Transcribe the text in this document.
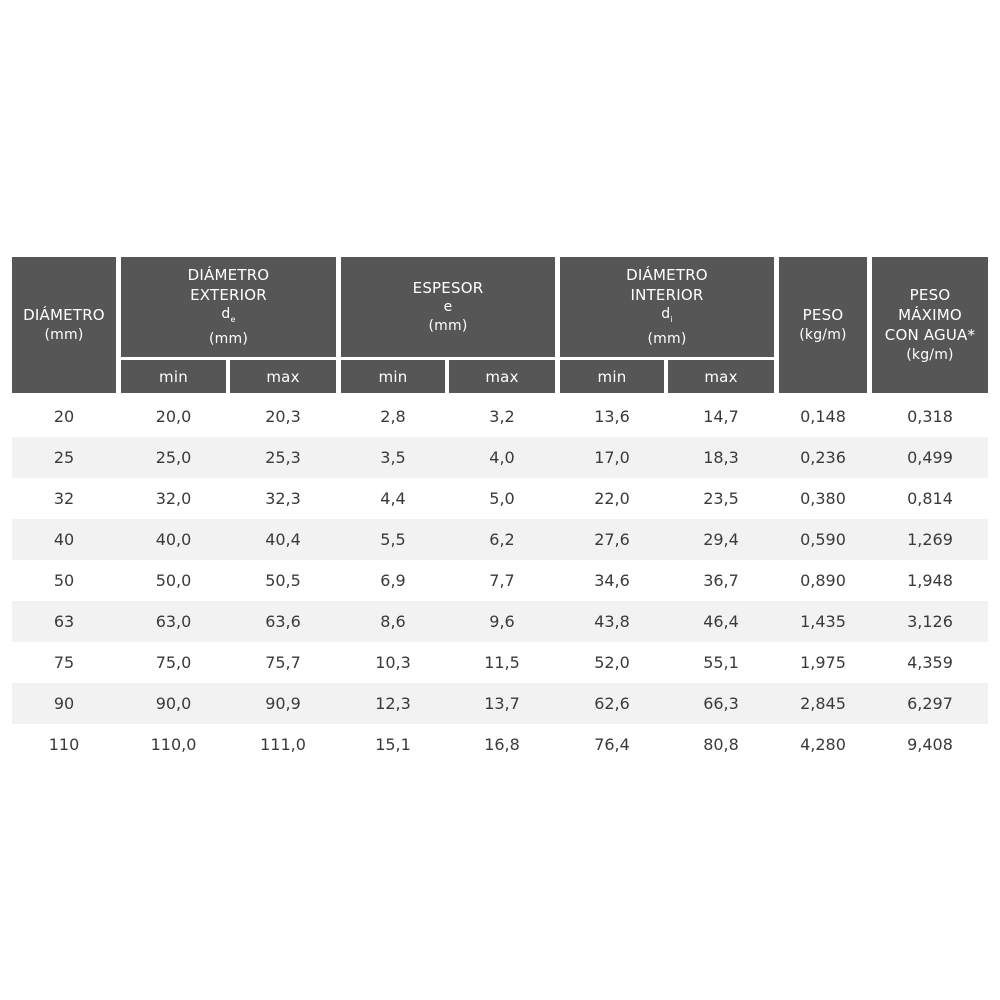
DIÁMETRO
(mm)
DIÁMETRO
EXTERIOR
$d_e$
(mm)
min	max
ESPESOR
e
(mm)
min	max
DIÁMETRO
INTERIOR
$d_i$
(mm)
min	max
PESO
(kg/m)
PESO
MÁXIMO
CON AGUA*
(kg/m)
20	20,0	20,3	2,8	3,2	13,6	14,7	0,148	0,318
25	25,0	25,3	3,5	4,0	17,0	18,3	0,236	0,499
32	32,0	32,3	4,4	5,0	22,0	23,5	0,380	0,814
40	40,0	40,4	5,5	6,2	27,6	29,4	0,590	1,269
50	50,0	50,5	6,9	7,7	34,6	36,7	0,890	1,948
63	63,0	63,6	8,6	9,6	43,8	46,4	1,435	3,126
75	75,0	75,7	10,3	11,5	52,0	55,1	1,975	4,359
90	90,0	90,9	12,3	13,7	62,6	66,3	2,845	6,297
110	110,0	111,0	15,1	16,8	76,4	80,8	4,280	9,408
